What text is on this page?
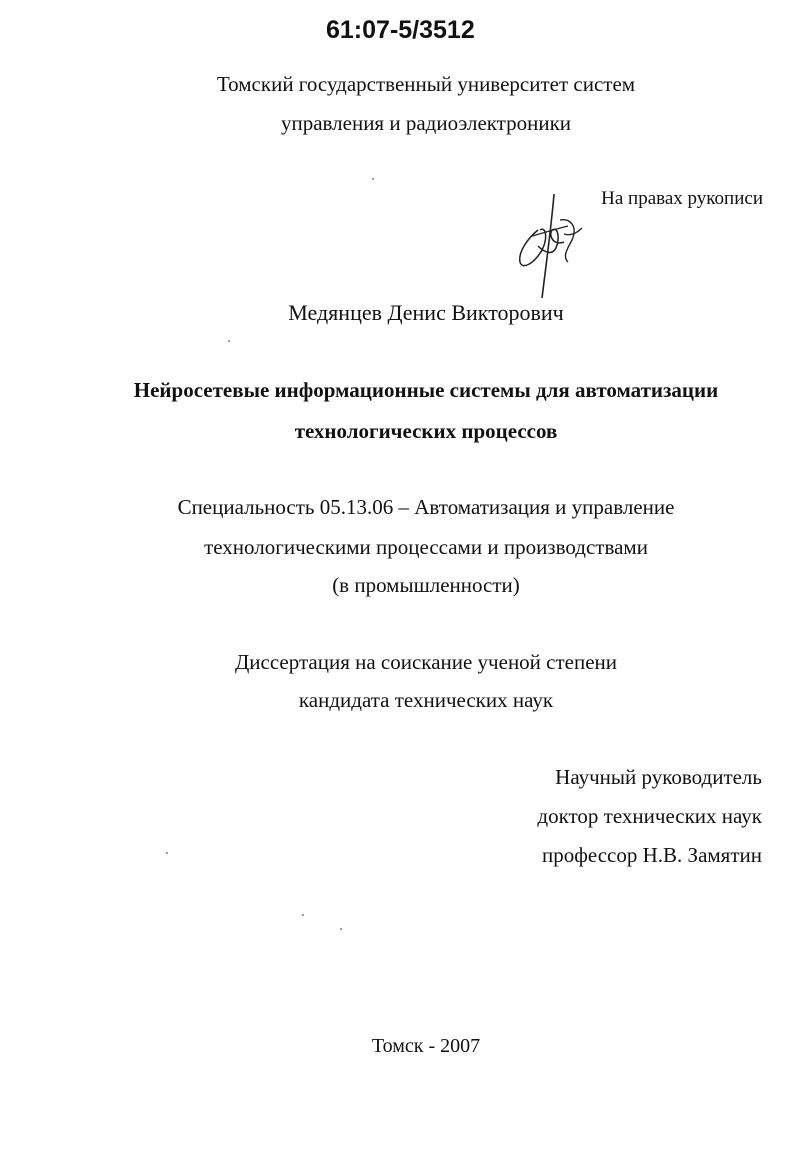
61:07-5/3512
Томский государственный университет систем
управления и радиоэлектроники
На правах рукописи
Медянцев Денис Викторович
Нейросетевые информационные системы для автоматизации
технологических процессов
Специальность 05.13.06 – Автоматизация и управление
технологическими процессами и производствами
(в промышленности)
Диссертация на соискание ученой степени
кандидата технических наук
Научный руководитель
доктор технических наук
профессор Н.В. Замятин
Томск - 2007
